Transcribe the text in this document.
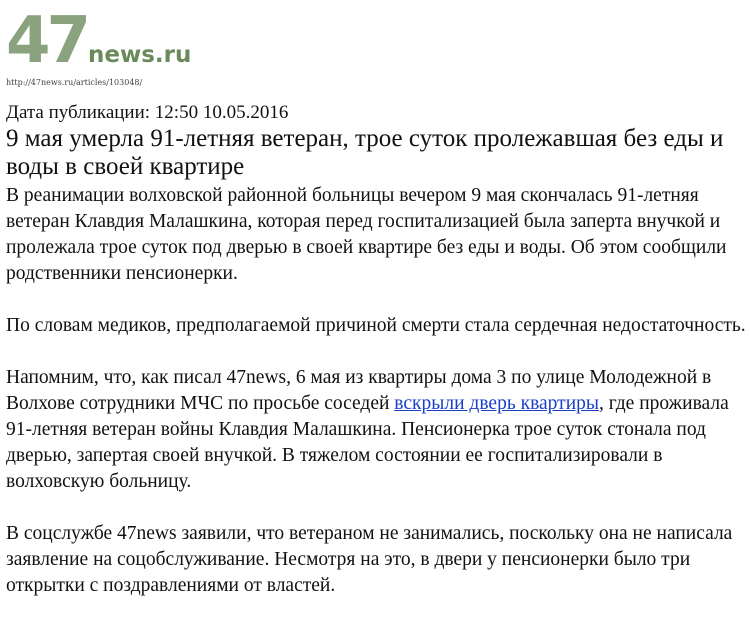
47 news.ru
http://47news.ru/articles/103048/
Дата публикации: 12:50 10.05.2016
9 мая умерла 91-летняя ветеран, трое суток пролежавшая без еды и воды в своей квартире

В реанимации волховской районной больницы вечером 9 мая скончалась 91-летняя ветеран Клавдия Малашкина, которая перед госпитализацией была заперта внучкой и пролежала трое суток под дверью в своей квартире без еды и воды. Об этом сообщили родственники пенсионерки.

По словам медиков, предполагаемой причиной смерти стала сердечная недостаточность.

Напомним, что, как писал 47news, 6 мая из квартиры дома 3 по улице Молодежной в Волхове сотрудники МЧС по просьбе соседей вскрыли дверь квартиры, где проживала 91-летняя ветеран войны Клавдия Малашкина. Пенсионерка трое суток стонала под дверью, запертая своей внучкой. В тяжелом состоянии ее госпитализировали в волховскую больницу.

В соцслужбе 47news заявили, что ветераном не занимались, поскольку она не написала заявление на соцобслуживание. Несмотря на это, в двери у пенсионерки было три открытки с поздравлениями от властей.
